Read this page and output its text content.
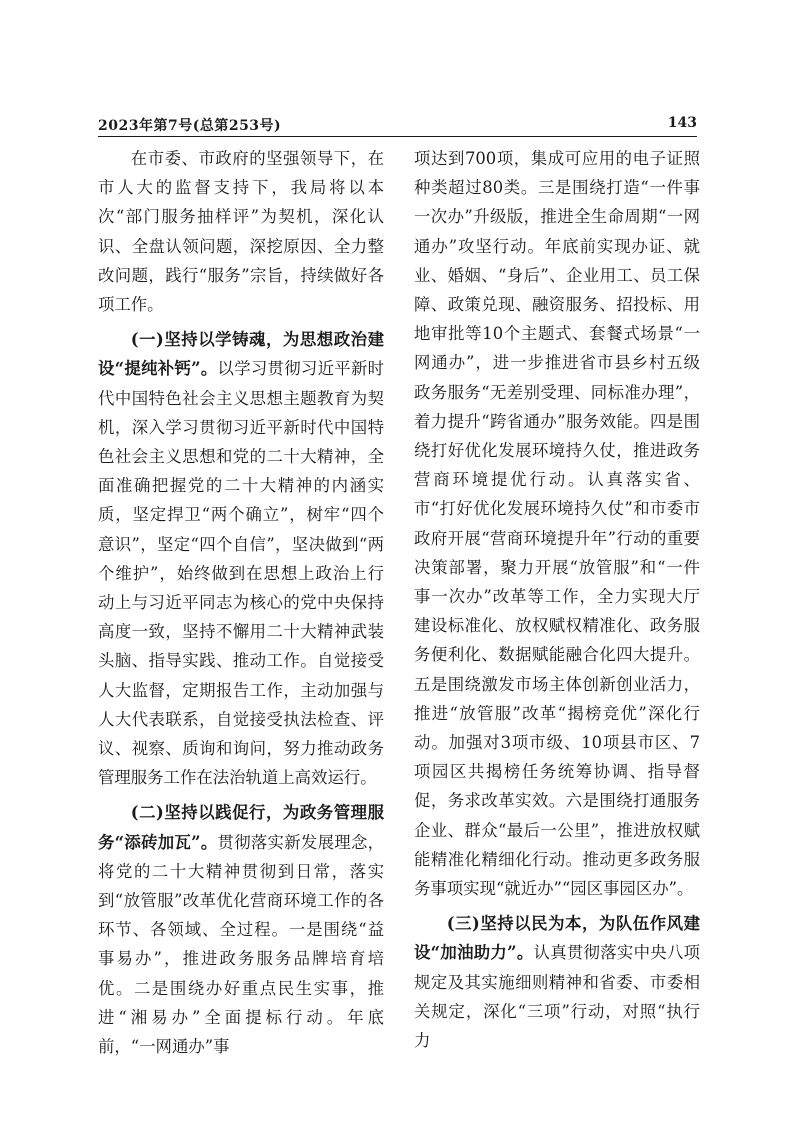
2023年第7号(总第253号)	143

在市委、市政府的坚强领导下，在市人大的监督支持下，我局将以本次“部门服务抽样评”为契机，深化认识、全盘认领问题，深挖原因、全力整改问题，践行“服务”宗旨，持续做好各项工作。

(一)坚持以学铸魂，为思想政治建设“提纯补钙”。以学习贯彻习近平新时代中国特色社会主义思想主题教育为契机，深入学习贯彻习近平新时代中国特色社会主义思想和党的二十大精神，全面准确把握党的二十大精神的内涵实质，坚定捍卫“两个确立”，树牢“四个意识”，坚定“四个自信”，坚决做到“两个维护”，始终做到在思想上政治上行动上与习近平同志为核心的党中央保持高度一致，坚持不懈用二十大精神武装头脑、指导实践、推动工作。自觉接受人大监督，定期报告工作，主动加强与人大代表联系，自觉接受执法检查、评议、视察、质询和询问，努力推动政务管理服务工作在法治轨道上高效运行。

(二)坚持以践促行，为政务管理服务“添砖加瓦”。贯彻落实新发展理念，将党的二十大精神贯彻到日常，落实到“放管服”改革优化营商环境工作的各环节、各领域、全过程。一是围绕“益事易办”，推进政务服务品牌培育培优。二是围绕办好重点民生实事，推进“湘易办”全面提标行动。年底前，“一网通办”事

项达到700项，集成可应用的电子证照种类超过80类。三是围绕打造“一件事一次办”升级版，推进全生命周期“一网通办”攻坚行动。年底前实现办证、就业、婚姻、“身后”、企业用工、员工保障、政策兑现、融资服务、招投标、用地审批等10个主题式、套餐式场景“一网通办”，进一步推进省市县乡村五级政务服务“无差别受理、同标准办理”，着力提升“跨省通办”服务效能。四是围绕打好优化发展环境持久仗，推进政务营商环境提优行动。认真落实省、市“打好优化发展环境持久仗”和市委市政府开展“营商环境提升年”行动的重要决策部署，聚力开展“放管服”和“一件事一次办”改革等工作，全力实现大厅建设标准化、放权赋权精准化、政务服务便利化、数据赋能融合化四大提升。五是围绕激发市场主体创新创业活力，推进“放管服”改革“揭榜竞优”深化行动。加强对3项市级、10项县市区、7项园区共揭榜任务统筹协调、指导督促，务求改革实效。六是围绕打通服务企业、群众“最后一公里”，推进放权赋能精准化精细化行动。推动更多政务服务事项实现“就近办”“园区事园区办”。

(三)坚持以民为本，为队伍作风建设“加油助力”。认真贯彻落实中央八项规定及其实施细则精神和省委、市委相关规定，深化“三项”行动，对照“执行力
